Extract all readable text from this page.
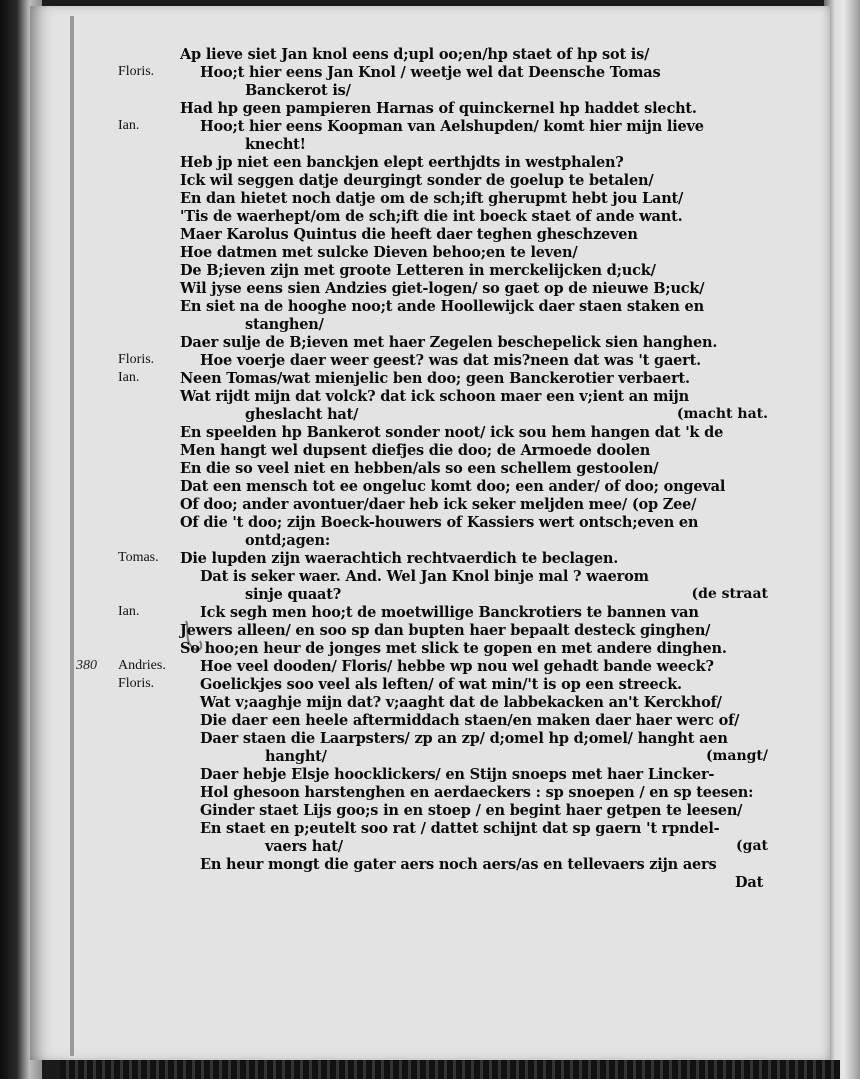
Ap lieve siet Jan knol eens d;upl oo;en/hp staet of hp sot is/
Floris.	Hoo;t hier eens Jan Knol / weetje wel dat Deensche Tomas
Banckerot is/
Had hp geen pampieren Harnas of quinckernel hp haddet slecht.
Ian.	Hoo;t hier eens Koopman van Aelshupden/ komt hier mijn lieve
knecht!
Heb jp niet een banckjen elept eerthjdts in westphalen?
Ick wil seggen datje deurgingt sonder de goelup te betalen/
En dan hietet noch datje om de sch;ift gherupmt hebt jou Lant/
'Tis de waerhept/om de sch;ift die int boeck staet of ande want.
Maer Karolus Quintus die heeft daer teghen gheschzeven
Hoe datmen met sulcke Dieven behoo;en te leven/
De B;ieven zijn met groote Letteren in merckelijcken d;uck/
Wil jyse eens sien Andzies giet-logen/ so gaet op de nieuwe B;uck/
En siet na de hooghe noo;t ande Hoollewijck daer staen staken en
stanghen/
Daer sulje de B;ieven met haer Zegelen beschepelick sien hanghen.
Floris.	Hoe voerje daer weer geest? was dat mis?neen dat was 't gaert.
Ian.	Neen Tomas/wat mienjelic ben doo; geen Banckerotier verbaert.
Wat rijdt mijn dat volck? dat ick schoon maer een v;ient an mijn
gheslacht hat/	(macht hat.
En speelden hp Bankerot sonder noot/ ick sou hem hangen dat 'k de
Men hangt wel dupsent diefjes die doo; de Armoede doolen
En die so veel niet en hebben/als so een schellem gestoolen/
Dat een mensch tot ee ongeluc komt doo; een ander/ of doo; ongeval
Of doo; ander avontuer/daer heb ick seker meljden mee/ (op Zee/
Of die 't doo; zijn Boeck-houwers of Kassiers wert ontsch;even en
ontd;agen:
Tomas. Die lupden zijn waerachtich rechtvaerdich te beclagen.
Dat is seker waer. And. Wel Jan Knol binje mal ? waerom
sinje quaat?	(de straat
Ian.	Ick segh men hoo;t de moetwillige Banckrotiers te bannen van
Jewers alleen/ en soo sp dan bupten haer bepaalt desteck ginghen/
So hoo;en heur de jonges met slick te gopen en met andere dinghen.
Andries.
380	Hoe veel dooden/ Floris/ hebbe wp nou wel gehadt bande weeck?
Floris.	Goelickjes soo veel als leften/ of wat min/'t is op een streeck.
Wat v;aaghje mijn dat? v;aaght dat de labbekacken an't Kerckhof/
Die daer een heele aftermiddach staen/en maken daer haer werc of/
Daer staen die Laarpsters/ zp an zp/ d;omel hp d;omel/ hanght aen
hanght/	(mangt/
Daer hebje Elsje hoocklickers/ en Stijn snoeps met haer Lincker-
Hol ghesoon harstenghen en aerdaeckers : sp snoepen / en sp teesen:
Ginder staet Lijs goo;s in en stoep / en begint haer getpen te leesen/
En staet en p;eutelt soo rat / dattet schijnt dat sp gaern 't rpndel-
vaers hat/	(gat
En heur mongt die gater aers noch aers/as en tellevaers zijn aers
Dat
